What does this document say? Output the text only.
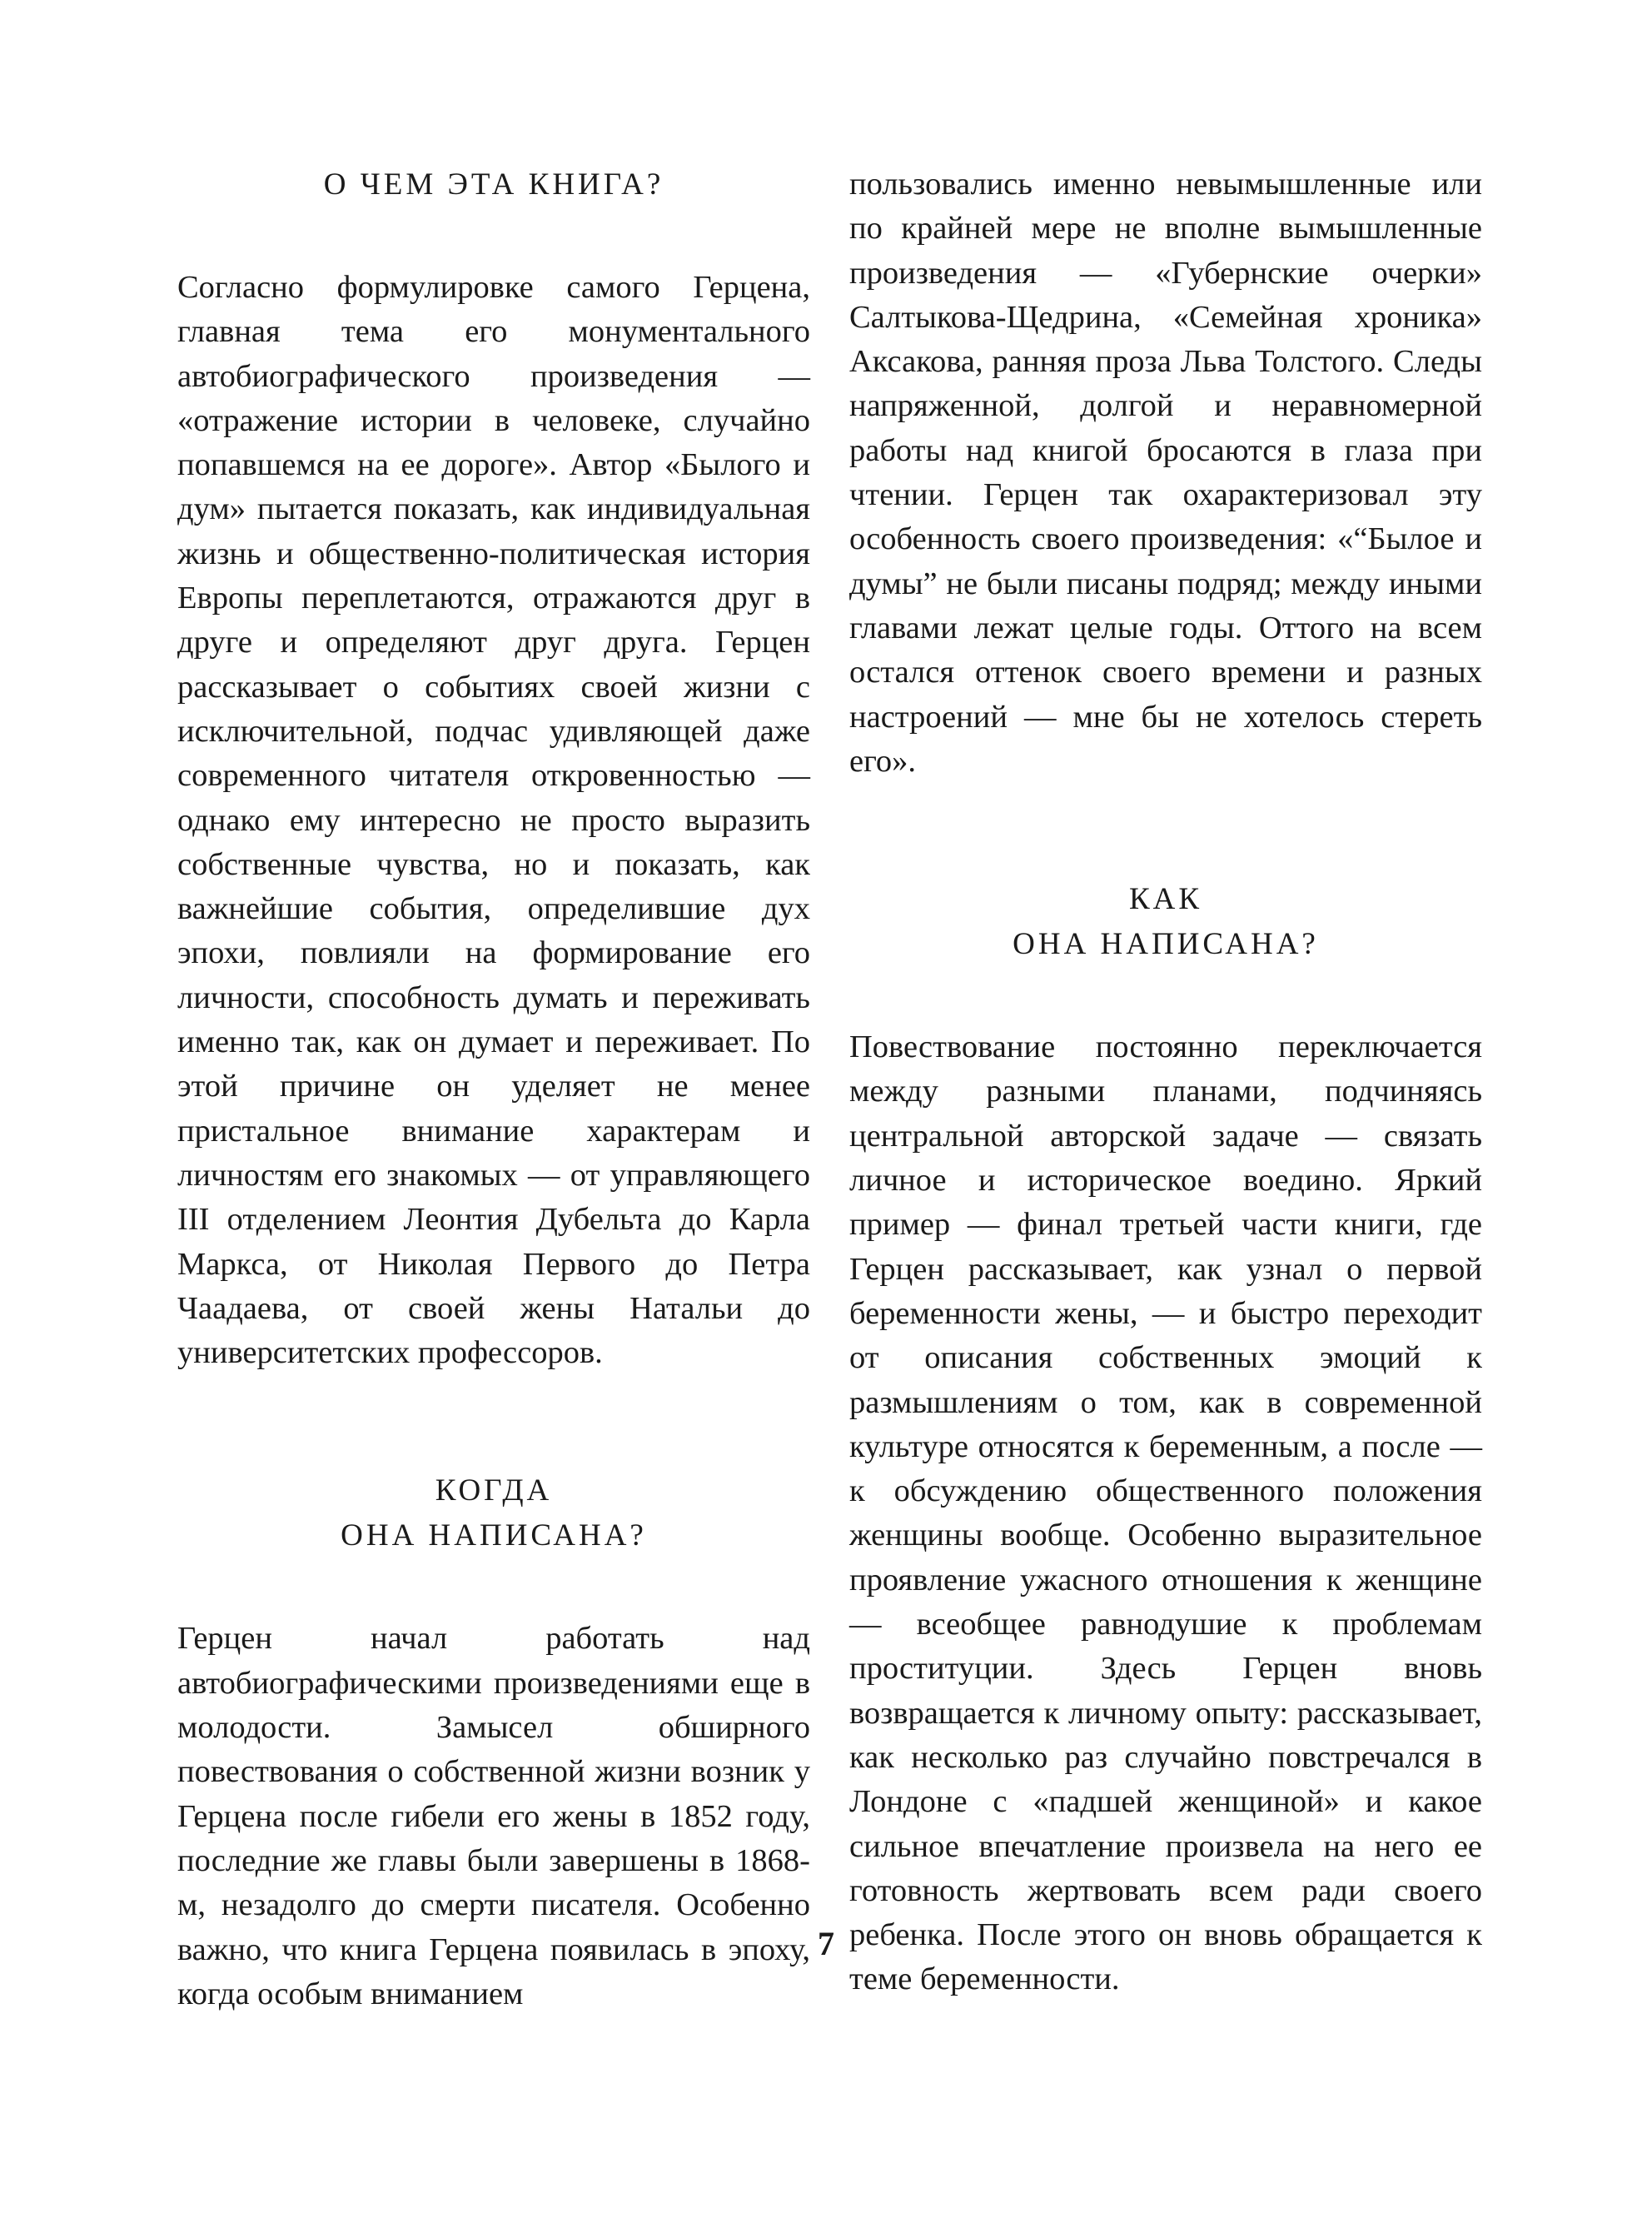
О ЧЕМ ЭТА КНИГА?

Согласно формулировке самого Герцена, главная тема его монументального автобиографического произведения — «отражение истории в человеке, случайно попавшемся на ее дороге». Автор «Былого и дум» пытается показать, как индивидуальная жизнь и общественно-политическая история Европы переплетаются, отражаются друг в друге и определяют друг друга. Герцен рассказывает о событиях своей жизни с исключительной, подчас удивляющей даже современного читателя откровенностью — однако ему интересно не просто выразить собственные чувства, но и показать, как важнейшие события, определившие дух эпохи, повлияли на формирование его личности, способность думать и переживать именно так, как он думает и переживает. По этой причине он уделяет не менее пристальное внимание характерам и личностям его знакомых — от управляющего III отделением Леонтия Дубельта до Карла Маркса, от Николая Первого до Петра Чаадаева, от своей жены Натальи до университетских профессоров.

КОГДА
ОНА НАПИСАНА?

Герцен начал работать над автобиографическими произведениями еще в молодости. Замысел обширного повествования о собственной жизни возник у Герцена после гибели его жены в 1852 году, последние же главы были завершены в 1868-м, незадолго до смерти писателя. Особенно важно, что книга Герцена появилась в эпоху, когда особым вниманием

пользовались именно невымышленные или по крайней мере не вполне вымышленные произведения — «Губернские очерки» Салтыкова-Щедрина, «Семейная хроника» Аксакова, ранняя проза Льва Толстого. Следы напряженной, долгой и неравномерной работы над книгой бросаются в глаза при чтении. Герцен так охарактеризовал эту особенность своего произведения: «“Былое и думы” не были писаны подряд; между иными главами лежат целые годы. Оттого на всем остался оттенок своего времени и разных настроений — мне бы не хотелось стереть его».

КАК
ОНА НАПИСАНА?

Повествование постоянно переключается между разными планами, подчиняясь центральной авторской задаче — связать личное и историческое воедино. Яркий пример — финал третьей части книги, где Герцен рассказывает, как узнал о первой беременности жены, — и быстро переходит от описания собственных эмоций к размышлениям о том, как в современной культуре относятся к беременным, а после — к обсуждению общественного положения женщины вообще. Особенно выразительное проявление ужасного отношения к женщине — всеобщее равнодушие к проблемам проституции. Здесь Герцен вновь возвращается к личному опыту: рассказывает, как несколько раз случайно повстречался в Лондоне с «падшей женщиной» и какое сильное впечатление произвела на него ее готовность жертвовать всем ради своего ребенка. После этого он вновь обращается к теме беременности.

7
